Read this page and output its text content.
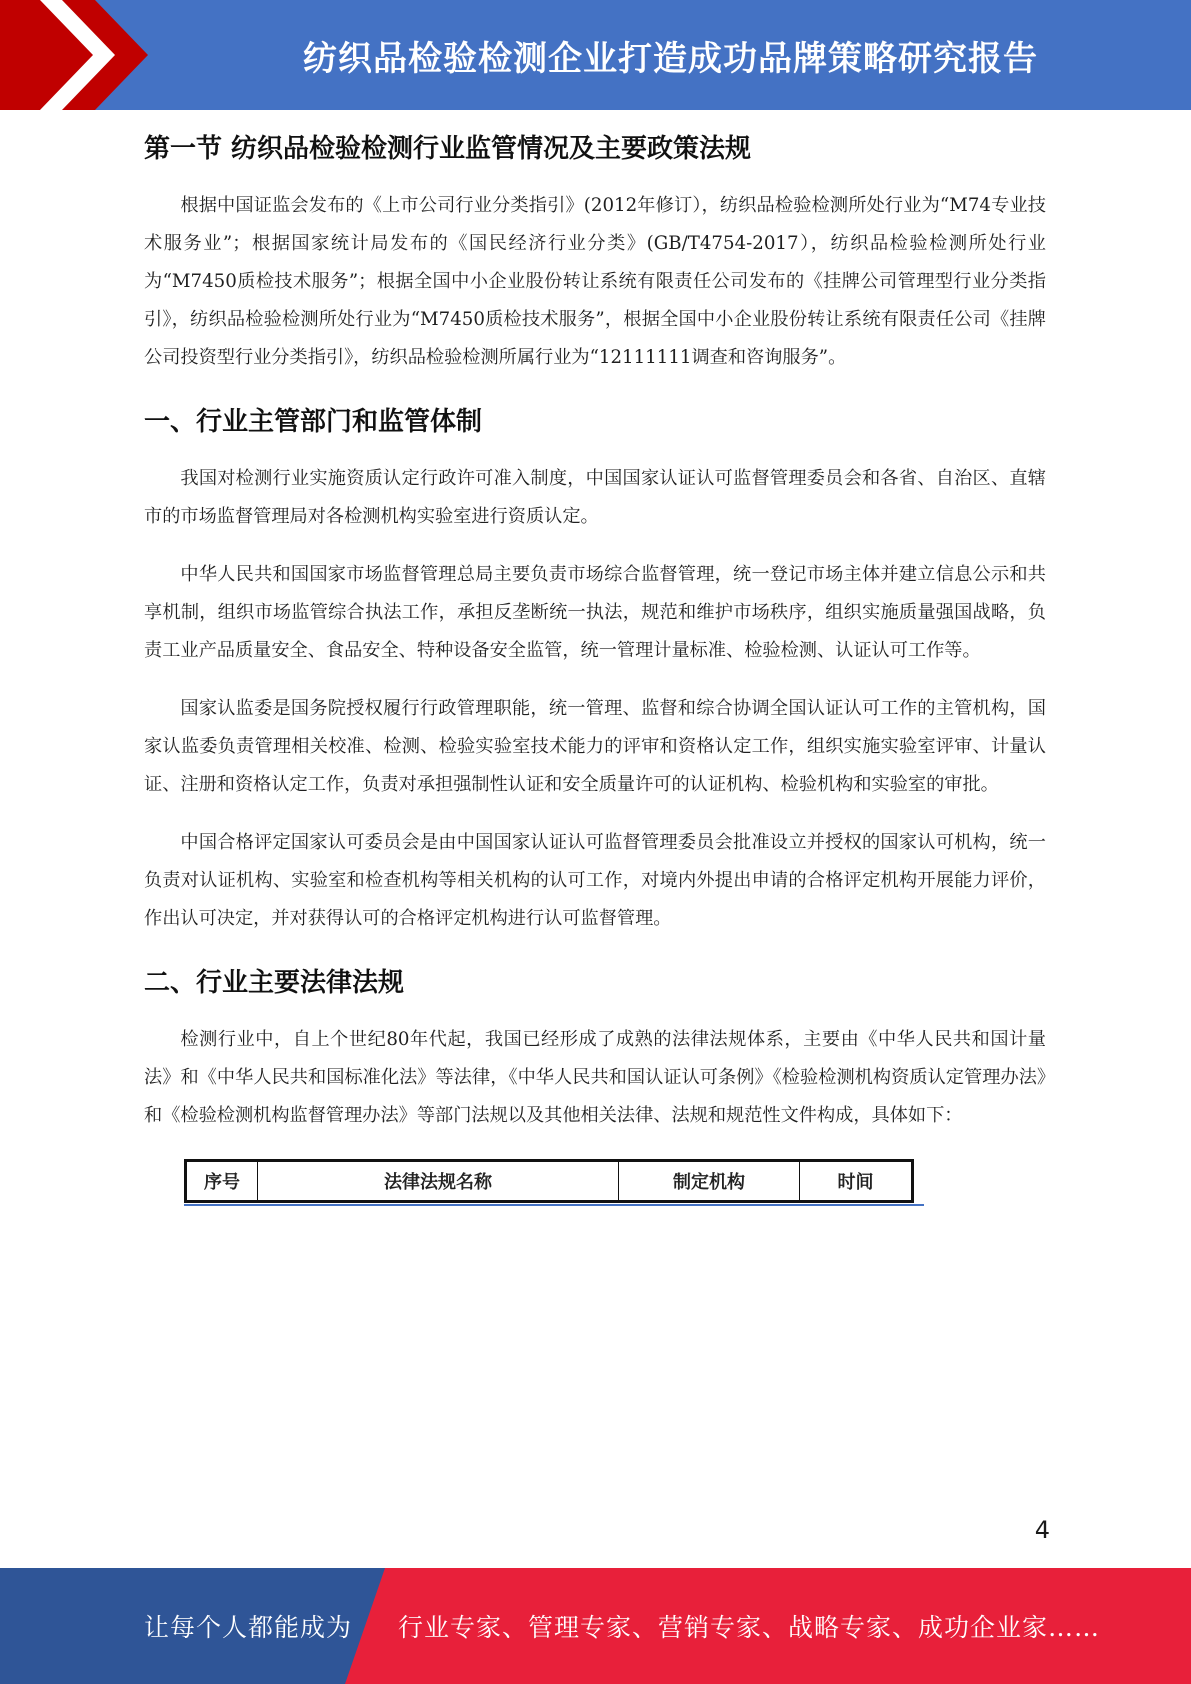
纺织品检验检测企业打造成功品牌策略研究报告
第一节 纺织品检验检测行业监管情况及主要政策法规

根据中国证监会发布的《上市公司行业分类指引》(2012年修订），纺织品检验检测所处行业为“M74专业技术服务业”；根据国家统计局发布的《国民经济行业分类》(GB/T4754-2017），纺织品检验检测所处行业为“M7450质检技术服务”；根据全国中小企业股份转让系统有限责任公司发布的《挂牌公司管理型行业分类指引》，纺织品检验检测所处行业为“M7450质检技术服务”，根据全国中小企业股份转让系统有限责任公司《挂牌公司投资型行业分类指引》，纺织品检验检测所属行业为“12111111调查和咨询服务”。

一、行业主管部门和监管体制

我国对检测行业实施资质认定行政许可准入制度，中国国家认证认可监督管理委员会和各省、自治区、直辖市的市场监督管理局对各检测机构实验室进行资质认定。

中华人民共和国国家市场监督管理总局主要负责市场综合监督管理，统一登记市场主体并建立信息公示和共享机制，组织市场监管综合执法工作，承担反垄断统一执法，规范和维护市场秩序，组织实施质量强国战略，负责工业产品质量安全、食品安全、特种设备安全监管，统一管理计量标准、检验检测、认证认可工作等。

国家认监委是国务院授权履行行政管理职能，统一管理、监督和综合协调全国认证认可工作的主管机构，国家认监委负责管理相关校准、检测、检验实验室技术能力的评审和资格认定工作，组织实施实验室评审、计量认证、注册和资格认定工作，负责对承担强制性认证和安全质量许可的认证机构、检验机构和实验室的审批。

中国合格评定国家认可委员会是由中国国家认证认可监督管理委员会批准设立并授权的国家认可机构，统一负责对认证机构、实验室和检查机构等相关机构的认可工作，对境内外提出申请的合格评定机构开展能力评价，作出认可决定，并对获得认可的合格评定机构进行认可监督管理。

二、行业主要法律法规

检测行业中，自上个世纪80年代起，我国已经形成了成熟的法律法规体系，主要由《中华人民共和国计量法》和《中华人民共和国标准化法》等法律，《中华人民共和国认证认可条例》《检验检测机构资质认定管理办法》和《检验检测机构监督管理办法》等部门法规以及其他相关法律、法规和规范性文件构成，具体如下：

序号	法律法规名称	制定机构	时间
4
让每个人都能成为 行业专家、管理专家、营销专家、战略专家、成功企业家……
